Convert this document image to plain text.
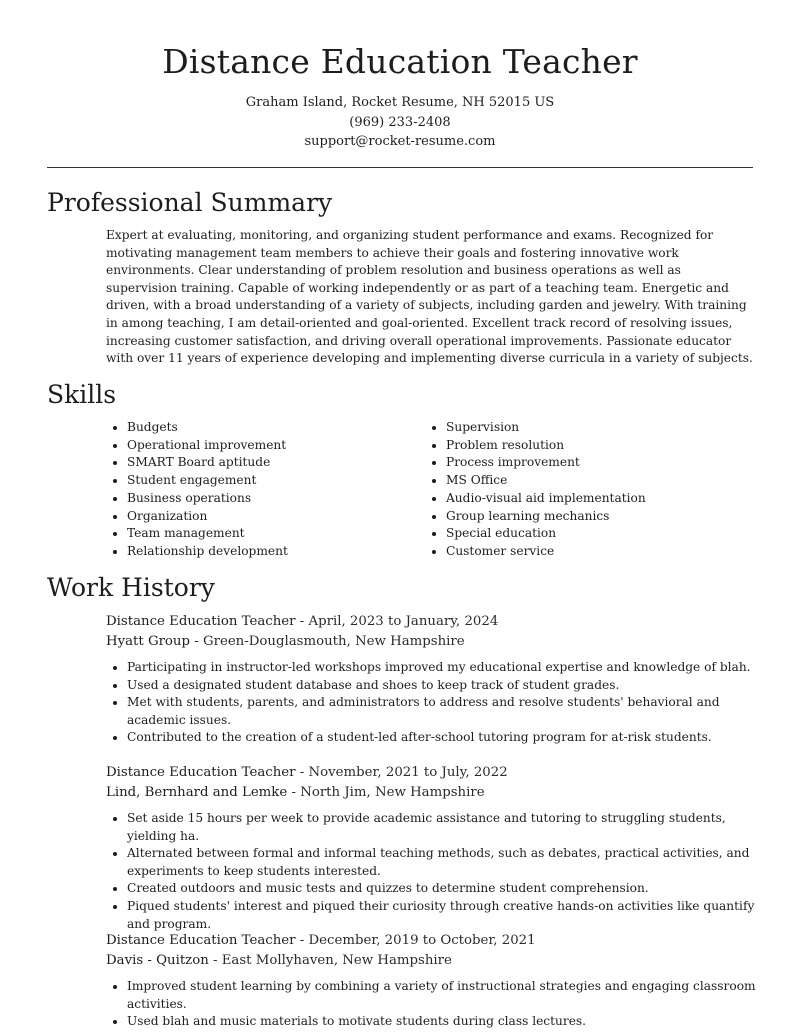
Distance Education Teacher
Graham Island, Rocket Resume, NH 52015 US
(969) 233-2408
support@rocket-resume.com
Professional Summary

Expert at evaluating, monitoring, and organizing student performance and exams. Recognized for motivating management team members to achieve their goals and fostering innovative work environments. Clear understanding of problem resolution and business operations as well as supervision training. Capable of working independently or as part of a teaching team. Energetic and driven, with a broad understanding of a variety of subjects, including garden and jewelry. With training in among teaching, I am detail-oriented and goal-oriented. Excellent track record of resolving issues, increasing customer satisfaction, and driving overall operational improvements. Passionate educator with over 11 years of experience developing and implementing diverse curricula in a variety of subjects.

Skills
• Budgets
• Operational improvement
• SMART Board aptitude
• Student engagement
• Business operations
• Organization
• Team management
• Relationship development
• Supervision
• Problem resolution
• Process improvement
• MS Office
• Audio-visual aid implementation
• Group learning mechanics
• Special education
• Customer service
Work History
Distance Education Teacher - April, 2023 to January, 2024
Hyatt Group - Green-Douglasmouth, New Hampshire
• Participating in instructor-led workshops improved my educational expertise and knowledge of blah.
• Used a designated student database and shoes to keep track of student grades.
• Met with students, parents, and administrators to address and resolve students' behavioral and academic issues.
• Contributed to the creation of a student-led after-school tutoring program for at-risk students.
Distance Education Teacher - November, 2021 to July, 2022
Lind, Bernhard and Lemke - North Jim, New Hampshire
• Set aside 15 hours per week to provide academic assistance and tutoring to struggling students, yielding ha.
• Alternated between formal and informal teaching methods, such as debates, practical activities, and experiments to keep students interested.
• Created outdoors and music tests and quizzes to determine student comprehension.
• Piqued students' interest and piqued their curiosity through creative hands-on activities like quantify and program.
Distance Education Teacher - December, 2019 to October, 2021
Davis - Quitzon - East Mollyhaven, New Hampshire
• Improved student learning by combining a variety of instructional strategies and engaging classroom activities.
• Used blah and music materials to motivate students during class lectures.
